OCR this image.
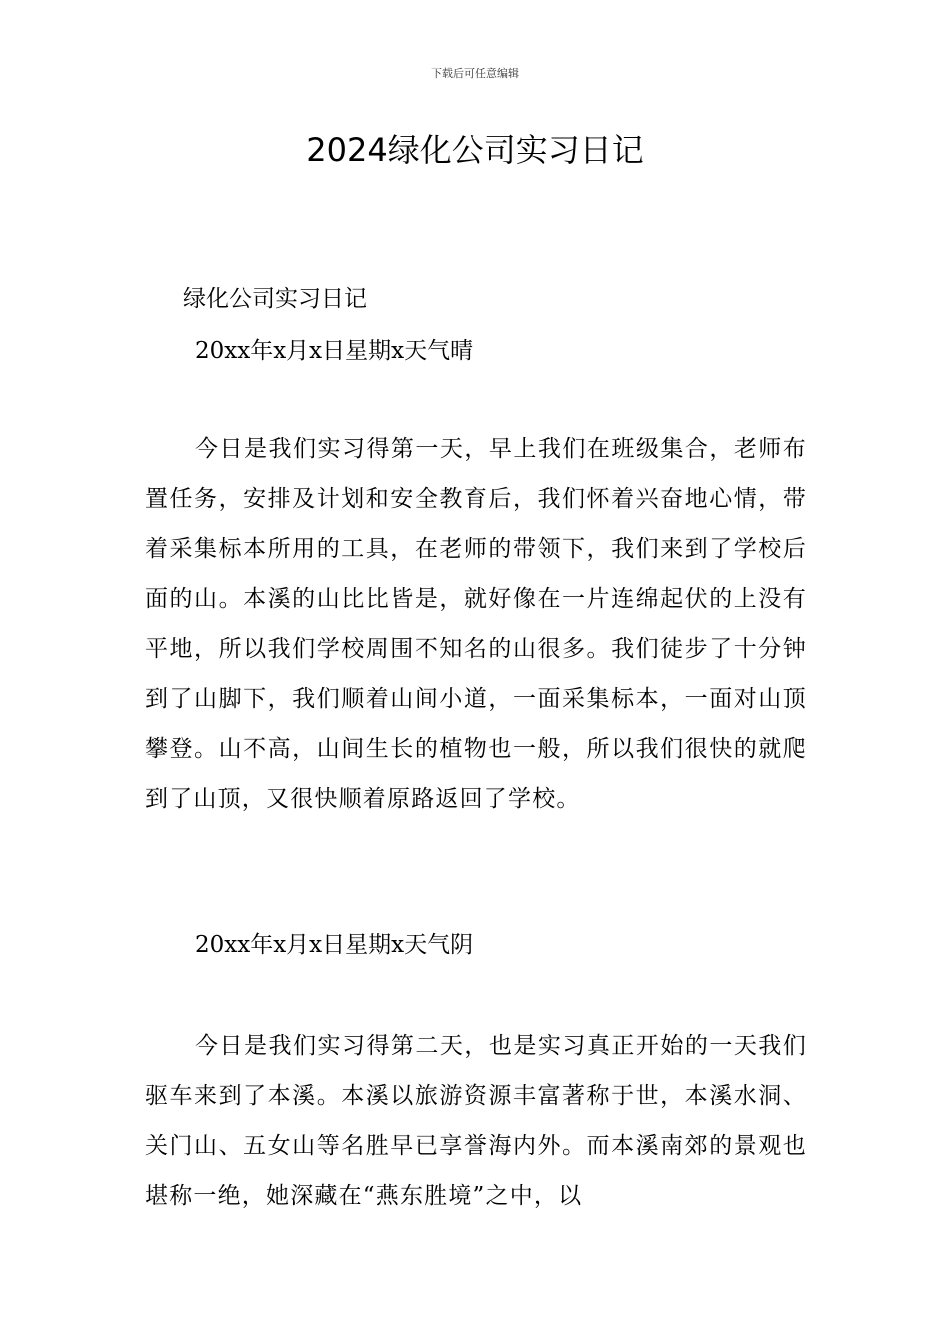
下载后可任意编辑
2024绿化公司实习日记
绿化公司实习日记
20xx年x月x日星期x天气晴

今日是我们实习得第一天，早上我们在班级集合，老师布置任务，安排及计划和安全教育后，我们怀着兴奋地心情，带着采集标本所用的工具，在老师的带领下，我们来到了学校后面的山。本溪的山比比皆是，就好像在一片连绵起伏的上没有平地，所以我们学校周围不知名的山很多。我们徒步了十分钟到了山脚下，我们顺着山间小道，一面采集标本，一面对山顶攀登。山不高，山间生长的植物也一般，所以我们很快的就爬到了山顶，又很快顺着原路返回了学校。

20xx年x月x日星期x天气阴

今日是我们实习得第二天，也是实习真正开始的一天我们驱车来到了本溪。本溪以旅游资源丰富著称于世，本溪水洞、关门山、五女山等名胜早已享誉海内外。而本溪南郊的景观也堪称一绝，她深藏在“燕东胜境”之中，以
